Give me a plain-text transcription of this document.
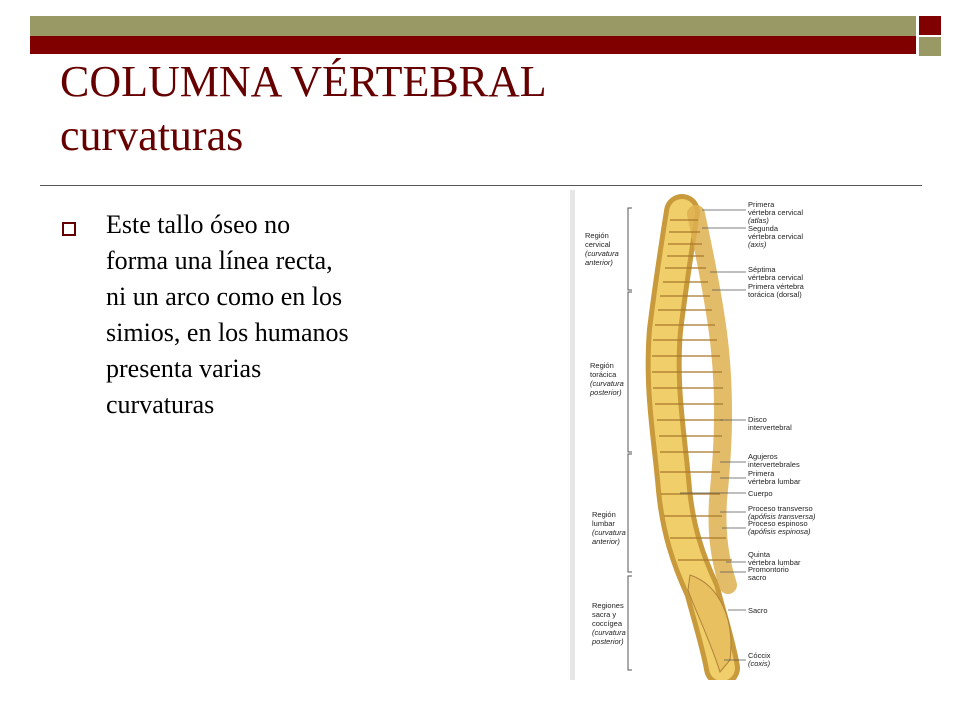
COLUMNA VÉRTEBRAL
curvaturas
Este tallo óseo no
forma una línea recta,
ni un arco como en los
simios, en los humanos
presenta varias
curvaturas
Región
cervical
(curvatura
anterior)
Región
torácica
(curvatura
posterior)
Región
lumbar
(curvatura
anterior)
Regiones
sacra y
coccígea
(curvatura
posterior)
Primera
vértebra cervical
(atlas)
Segunda
vértebra cervical
(axis)
Séptima
vértebra cervical
Primera vértebra
torácica (dorsal)
Disco
intervertebral
Agujeros
intervertebrales
Primera
vértebra lumbar
Cuerpo
Proceso transverso
(apófisis transversa)
Proceso espinoso
(apófisis espinosa)
Quinta
vértebra lumbar
Promontorio
sacro
Sacro
Cóccix
(coxis)
